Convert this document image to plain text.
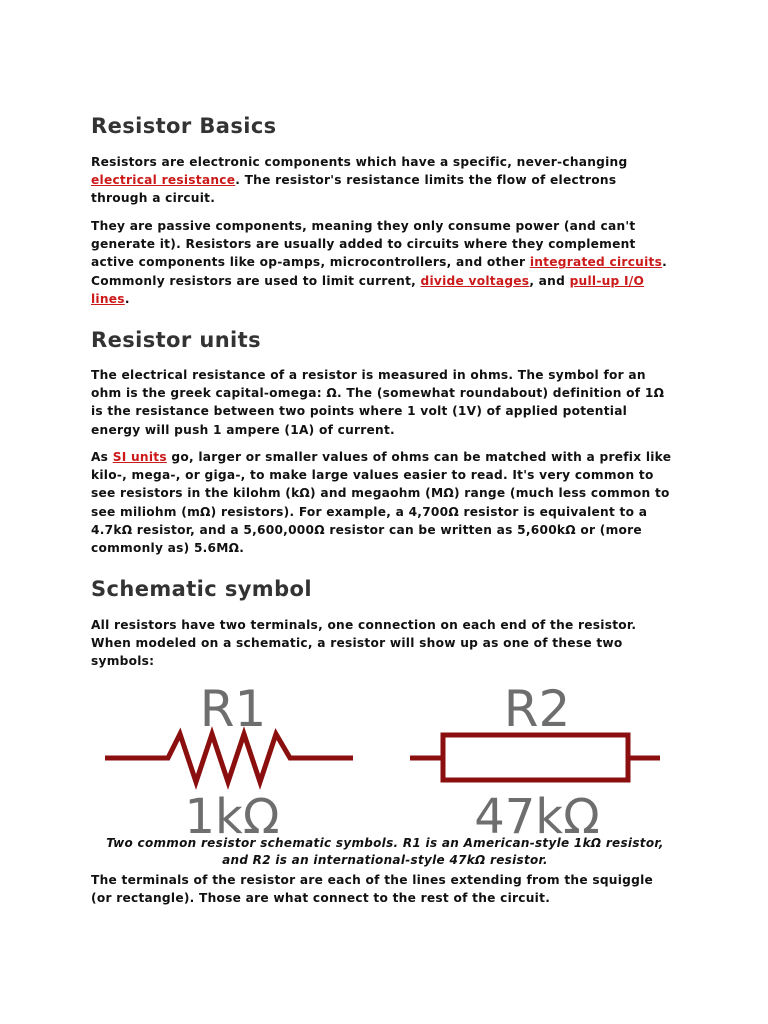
Resistor Basics

Resistors are electronic components which have a specific, never-changing electrical resistance. The resistor's resistance limits the flow of electrons through a circuit.

They are passive components, meaning they only consume power (and can't generate it). Resistors are usually added to circuits where they complement active components like op-amps, microcontrollers, and other integrated circuits. Commonly resistors are used to limit current, divide voltages, and pull-up I/O lines.

Resistor units

The electrical resistance of a resistor is measured in ohms. The symbol for an ohm is the greek capital-omega: Ω. The (somewhat roundabout) definition of 1Ω is the resistance between two points where 1 volt (1V) of applied potential energy will push 1 ampere (1A) of current.

As SI units go, larger or smaller values of ohms can be matched with a prefix like kilo-, mega-, or giga-, to make large values easier to read. It's very common to see resistors in the kilohm (kΩ) and megaohm (MΩ) range (much less common to see miliohm (mΩ) resistors). For example, a 4,700Ω resistor is equivalent to a 4.7kΩ resistor, and a 5,600,000Ω resistor can be written as 5,600kΩ or (more commonly as) 5.6MΩ.

Schematic symbol

All resistors have two terminals, one connection on each end of the resistor. When modeled on a schematic, a resistor will show up as one of these two symbols:

R1
1kΩ
R2
47kΩ

Two common resistor schematic symbols. R1 is an American-style 1kΩ resistor, and R2 is an international-style 47kΩ resistor.

The terminals of the resistor are each of the lines extending from the squiggle (or rectangle). Those are what connect to the rest of the circuit.
